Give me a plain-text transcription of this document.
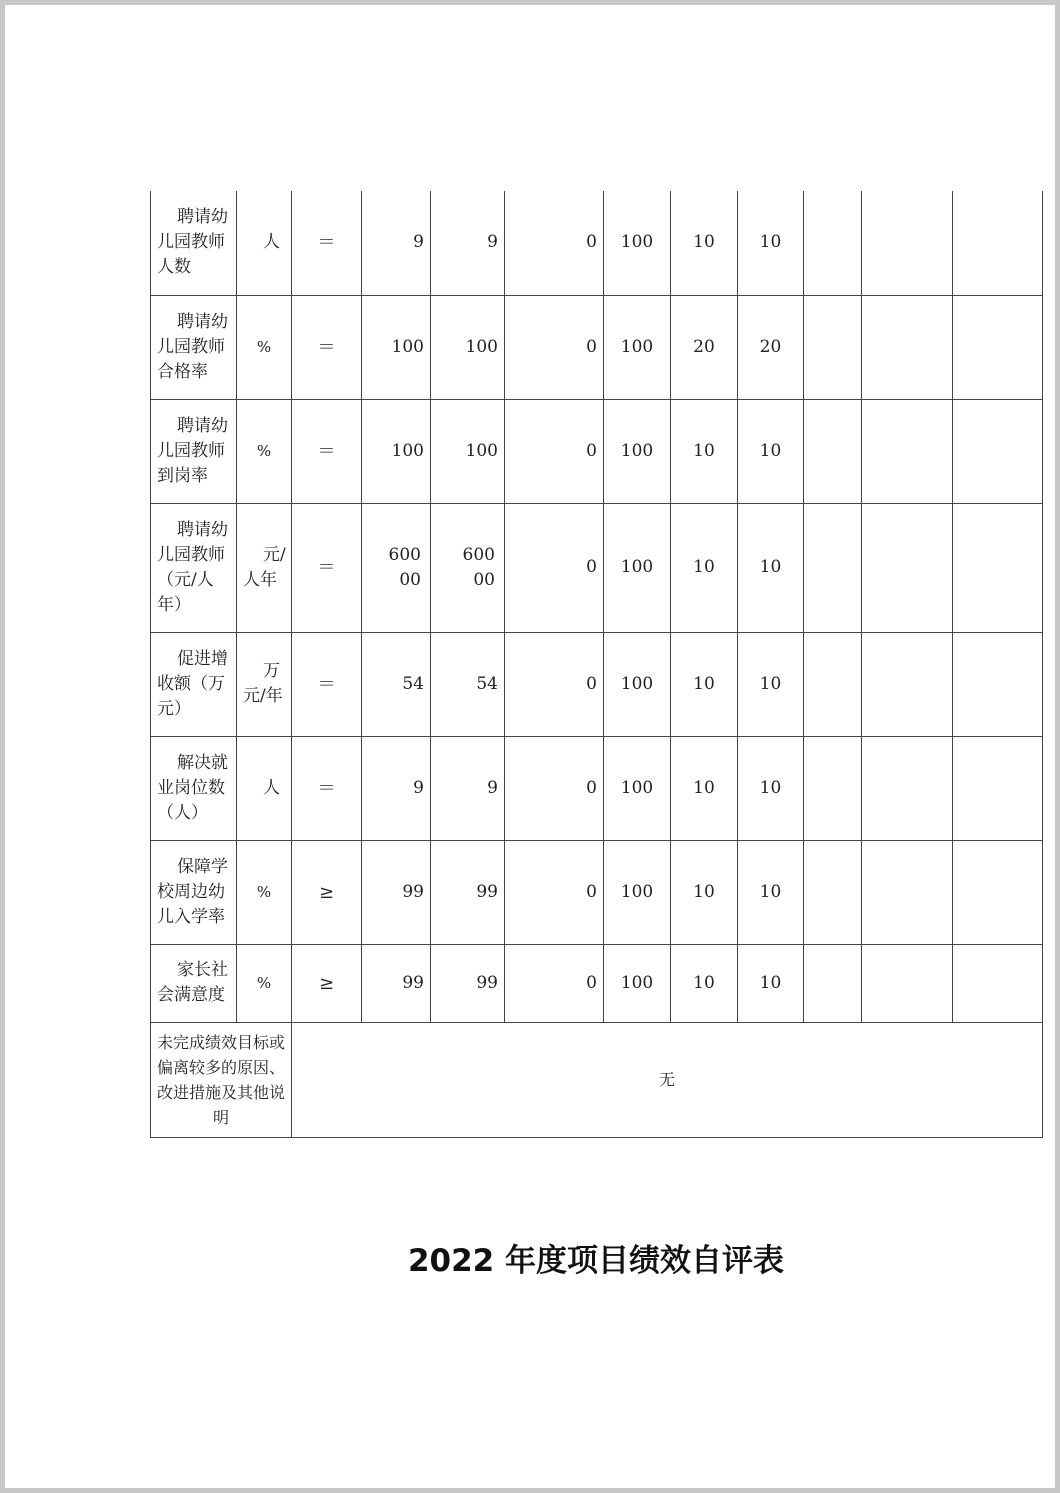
聘请幼儿园教师人数	人	＝	9	9	0	100	10	10			
聘请幼儿园教师合格率	%	＝	100	100	0	100	20	20			
聘请幼儿园教师到岗率	%	＝	100	100	0	100	10	10			
聘请幼儿园教师（元/人年）	元/人年	＝	60000	60000	0	100	10	10			
促进增收额（万元）	万元/年	＝	54	54	0	100	10	10			
解决就业岗位数（人）	人	＝	9	9	0	100	10	10			
保障学校周边幼儿入学率	%	≥	99	99	0	100	10	10			
家长社会满意度	%	≥	99	99	0	100	10	10			
未完成绩效目标或偏离较多的原因、改进措施及其他说明		无									
2022 年度项目绩效自评表
